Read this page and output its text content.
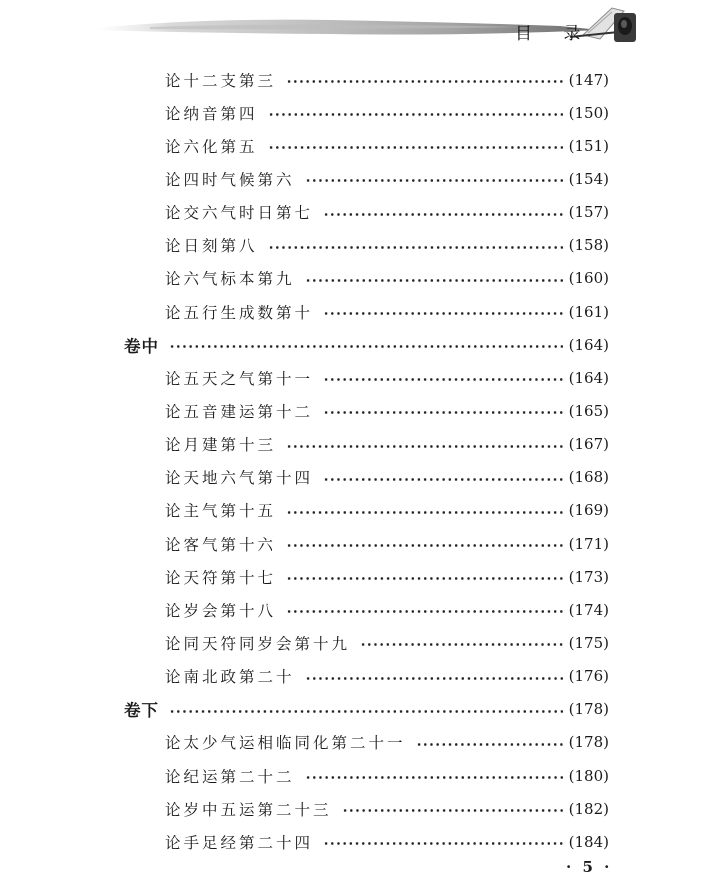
目 录
论十二支第三	(147)
论纳音第四	(150)
论六化第五	(151)
论四时气候第六	(154)
论交六气时日第七	(157)
论日刻第八	(158)
论六气标本第九	(160)
论五行生成数第十	(161)
卷中	(164)
论五天之气第十一	(164)
论五音建运第十二	(165)
论月建第十三	(167)
论天地六气第十四	(168)
论主气第十五	(169)
论客气第十六	(171)
论天符第十七	(173)
论岁会第十八	(174)
论同天符同岁会第十九	(175)
论南北政第二十	(176)
卷下	(178)
论太少气运相临同化第二十一	(178)
论纪运第二十二	(180)
论岁中五运第二十三	(182)
论手足经第二十四	(184)
· 5 ·
